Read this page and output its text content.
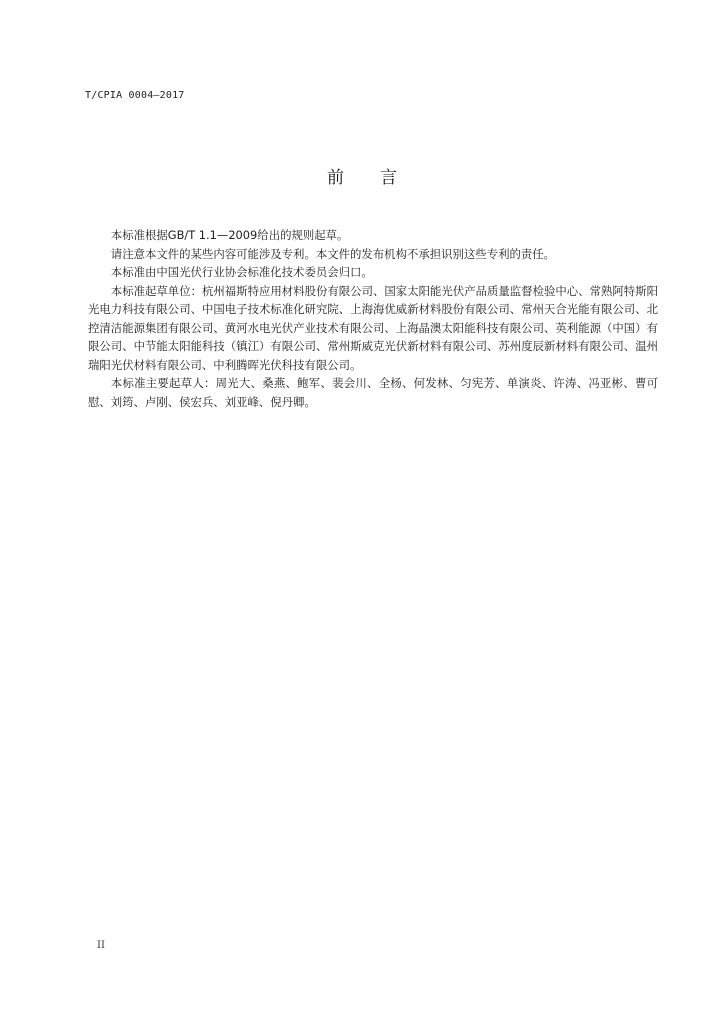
T/CPIA 0004—2017
前 言

本标准根据GB/T 1.1—2009给出的规则起草。

请注意本文件的某些内容可能涉及专利。本文件的发布机构不承担识别这些专利的责任。

本标准由中国光伏行业协会标准化技术委员会归口。

本标准起草单位：杭州福斯特应用材料股份有限公司、国家太阳能光伏产品质量监督检验中心、常熟阿特斯阳光电力科技有限公司、中国电子技术标准化研究院、上海海优威新材料股份有限公司、常州天合光能有限公司、北控清洁能源集团有限公司、黄河水电光伏产业技术有限公司、上海晶澳太阳能科技有限公司、英利能源（中国）有限公司、中节能太阳能科技（镇江）有限公司、常州斯威克光伏新材料有限公司、苏州度辰新材料有限公司、温州瑞阳光伏材料有限公司、中利腾晖光伏科技有限公司。

本标准主要起草人：周光大、桑燕、鲍军、裴会川、全杨、何发林、匀宪芳、单演炎、许涛、冯亚彬、曹可慰、刘筠、卢刚、侯宏兵、刘亚峰、倪丹卿。

II
